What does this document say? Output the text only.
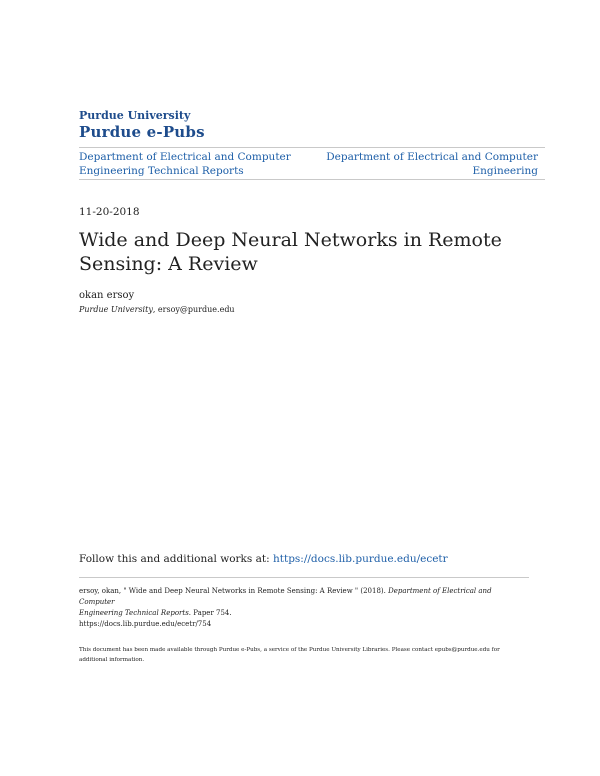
Purdue University
Purdue e-Pubs
Department of Electrical and Computer
Engineering Technical Reports
Department of Electrical and Computer
Engineering
11-20-2018
Wide and Deep Neural Networks in Remote
Sensing: A Review
okan ersoy
Purdue University, ersoy@purdue.edu
Follow this and additional works at: https://docs.lib.purdue.edu/ecetr
ersoy, okan, " Wide and Deep Neural Networks in Remote Sensing: A Review " (2018). Department of Electrical and Computer
Engineering Technical Reports. Paper 754.
https://docs.lib.purdue.edu/ecetr/754
This document has been made available through Purdue e-Pubs, a service of the Purdue University Libraries. Please contact epubs@purdue.edu for
additional information.
